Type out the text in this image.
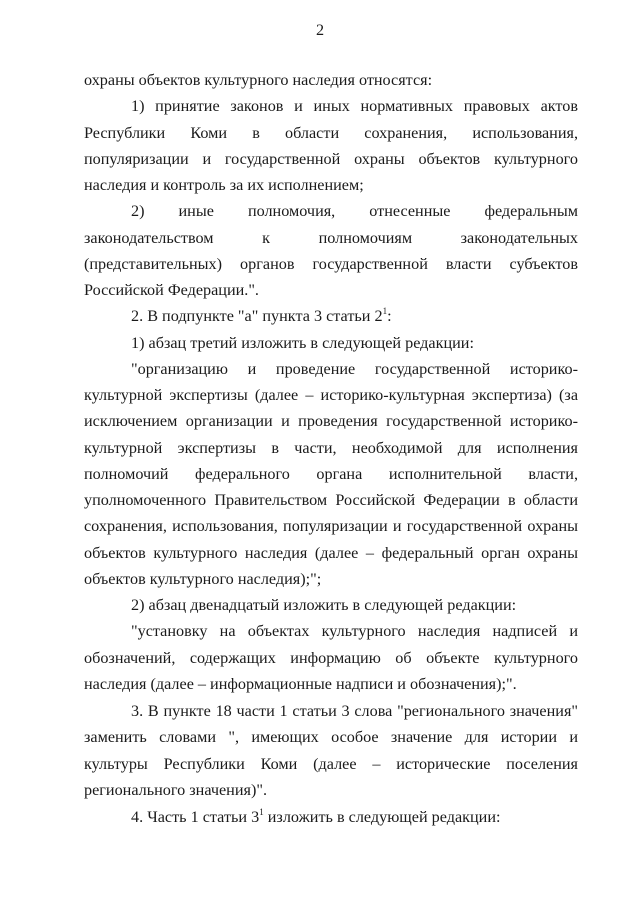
2

охраны объектов культурного наследия относятся:

1) принятие законов и иных нормативных правовых актов Республики Коми в области сохранения, использования, популяризации и государственной охраны объектов культурного наследия и контроль за их исполнением;

2) иные полномочия, отнесенные федеральным законодательством к полномочиям законодательных (представительных) органов государственной власти субъектов Российской Федерации.".

2. В подпункте "а" пункта 3 статьи $2^1$:

1) абзац третий изложить в следующей редакции:

"организацию и проведение государственной историко-культурной экспертизы (далее – историко-культурная экспертиза) (за исключением организации и проведения государственной историко-культурной экспертизы в части, необходимой для исполнения полномочий федерального органа исполнительной власти, уполномоченного Правительством Российской Федерации в области сохранения, использования, популяризации и государственной охраны объектов культурного наследия (далее – федеральный орган охраны объектов культурного наследия);";

2) абзац двенадцатый изложить в следующей редакции:

"установку на объектах культурного наследия надписей и обозначений, содержащих информацию об объекте культурного наследия (далее – информационные надписи и обозначения);".

3. В пункте 18 части 1 статьи 3 слова "регионального значения" заменить словами ", имеющих особое значение для истории и культуры Республики Коми (далее – исторические поселения регионального значения)".

4. Часть 1 статьи $3^1$ изложить в следующей редакции:
